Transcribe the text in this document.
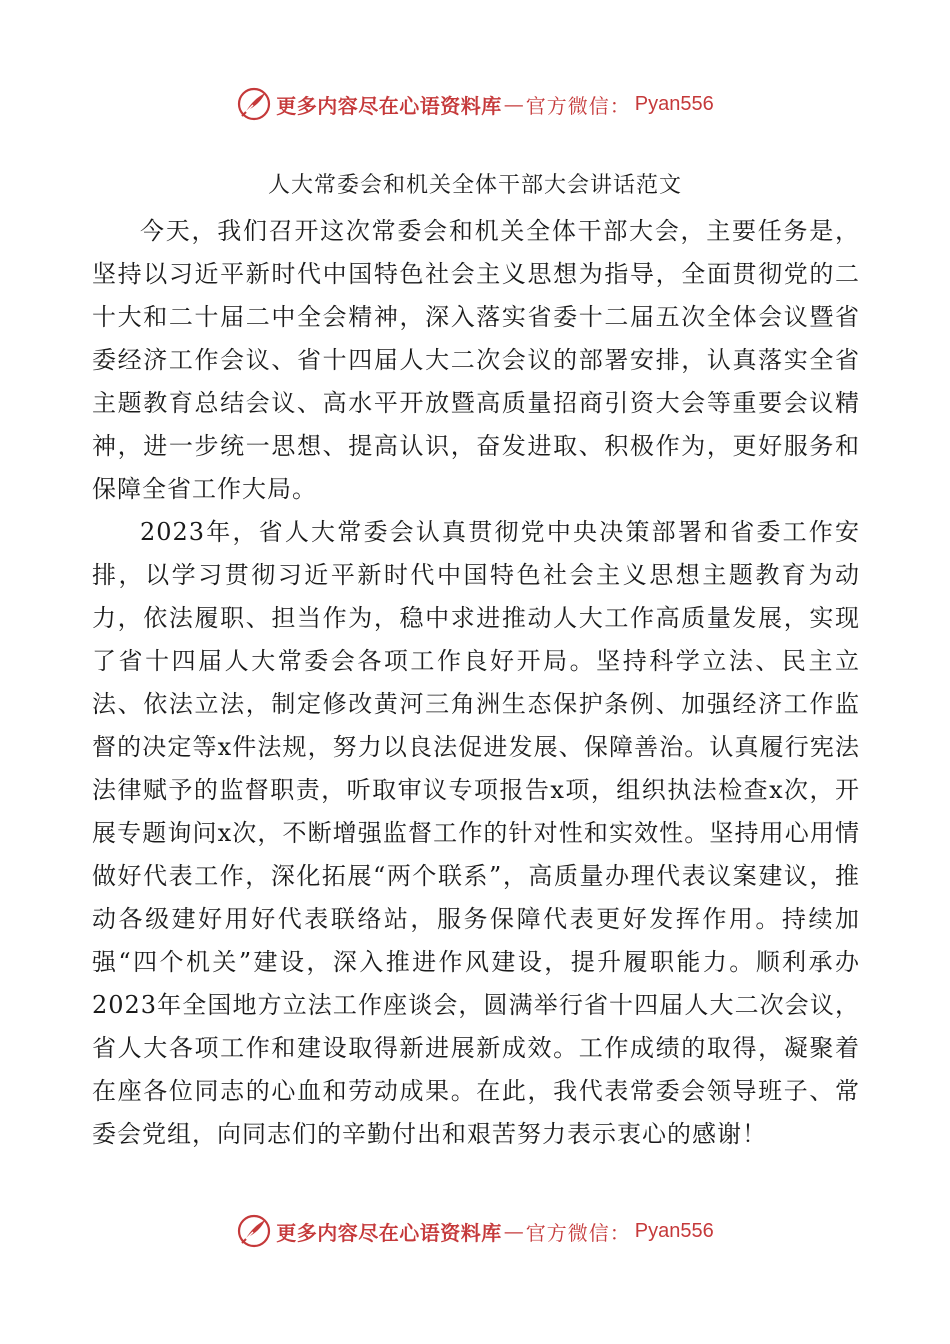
更多内容尽在心语资料库 — 官方微信： Pyan556
人大常委会和机关全体干部大会讲话范文

今天，我们召开这次常委会和机关全体干部大会，主要任务是，坚持以习近平新时代中国特色社会主义思想为指导，全面贯彻党的二十大和二十届二中全会精神，深入落实省委十二届五次全体会议暨省委经济工作会议、省十四届人大二次会议的部署安排，认真落实全省主题教育总结会议、高水平开放暨高质量招商引资大会等重要会议精神，进一步统一思想、提高认识，奋发进取、积极作为，更好服务和保障全省工作大局。

2023年，省人大常委会认真贯彻党中央决策部署和省委工作安排，以学习贯彻习近平新时代中国特色社会主义思想主题教育为动力，依法履职、担当作为，稳中求进推动人大工作高质量发展，实现了省十四届人大常委会各项工作良好开局。坚持科学立法、民主立法、依法立法，制定修改黄河三角洲生态保护条例、加强经济工作监督的决定等x件法规，努力以良法促进发展、保障善治。认真履行宪法法律赋予的监督职责，听取审议专项报告x项，组织执法检查x次，开展专题询问x次，不断增强监督工作的针对性和实效性。坚持用心用情做好代表工作，深化拓展“两个联系”，高质量办理代表议案建议，推动各级建好用好代表联络站，服务保障代表更好发挥作用。持续加强“四个机关”建设，深入推进作风建设，提升履职能力。顺利承办2023年全国地方立法工作座谈会，圆满举行省十四届人大二次会议，省人大各项工作和建设取得新进展新成效。工作成绩的取得，凝聚着在座各位同志的心血和劳动成果。在此，我代表常委会领导班子、常委会党组，向同志们的辛勤付出和艰苦努力表示衷心的感谢！

更多内容尽在心语资料库 — 官方微信： Pyan556
